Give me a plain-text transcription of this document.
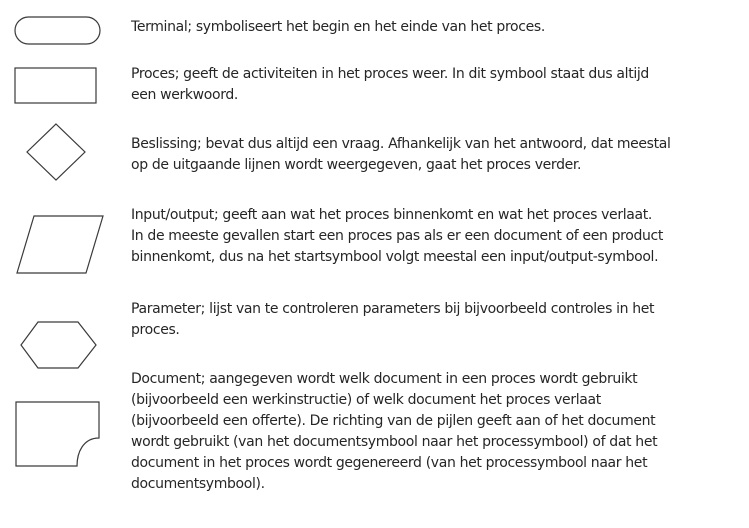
Terminal; symboliseert het begin en het einde van het proces.
Proces; geeft de activiteiten in het proces weer. In dit symbool staat dus altijd
een werkwoord.
Beslissing; bevat dus altijd een vraag. Afhankelijk van het antwoord, dat meestal
op de uitgaande lijnen wordt weergegeven, gaat het proces verder.
Input/output; geeft aan wat het proces binnenkomt en wat het proces verlaat.
In de meeste gevallen start een proces pas als er een document of een product
binnenkomt, dus na het startsymbool volgt meestal een input/output-symbool.
Parameter; lijst van te controleren parameters bij bijvoorbeeld controles in het
proces.
Document; aangegeven wordt welk document in een proces wordt gebruikt
(bijvoorbeeld een werkinstructie) of welk document het proces verlaat
(bijvoorbeeld een offerte). De richting van de pijlen geeft aan of het document
wordt gebruikt (van het documentsymbool naar het processymbool) of dat het
document in het proces wordt gegenereerd (van het processymbool naar het
documentsymbool).
